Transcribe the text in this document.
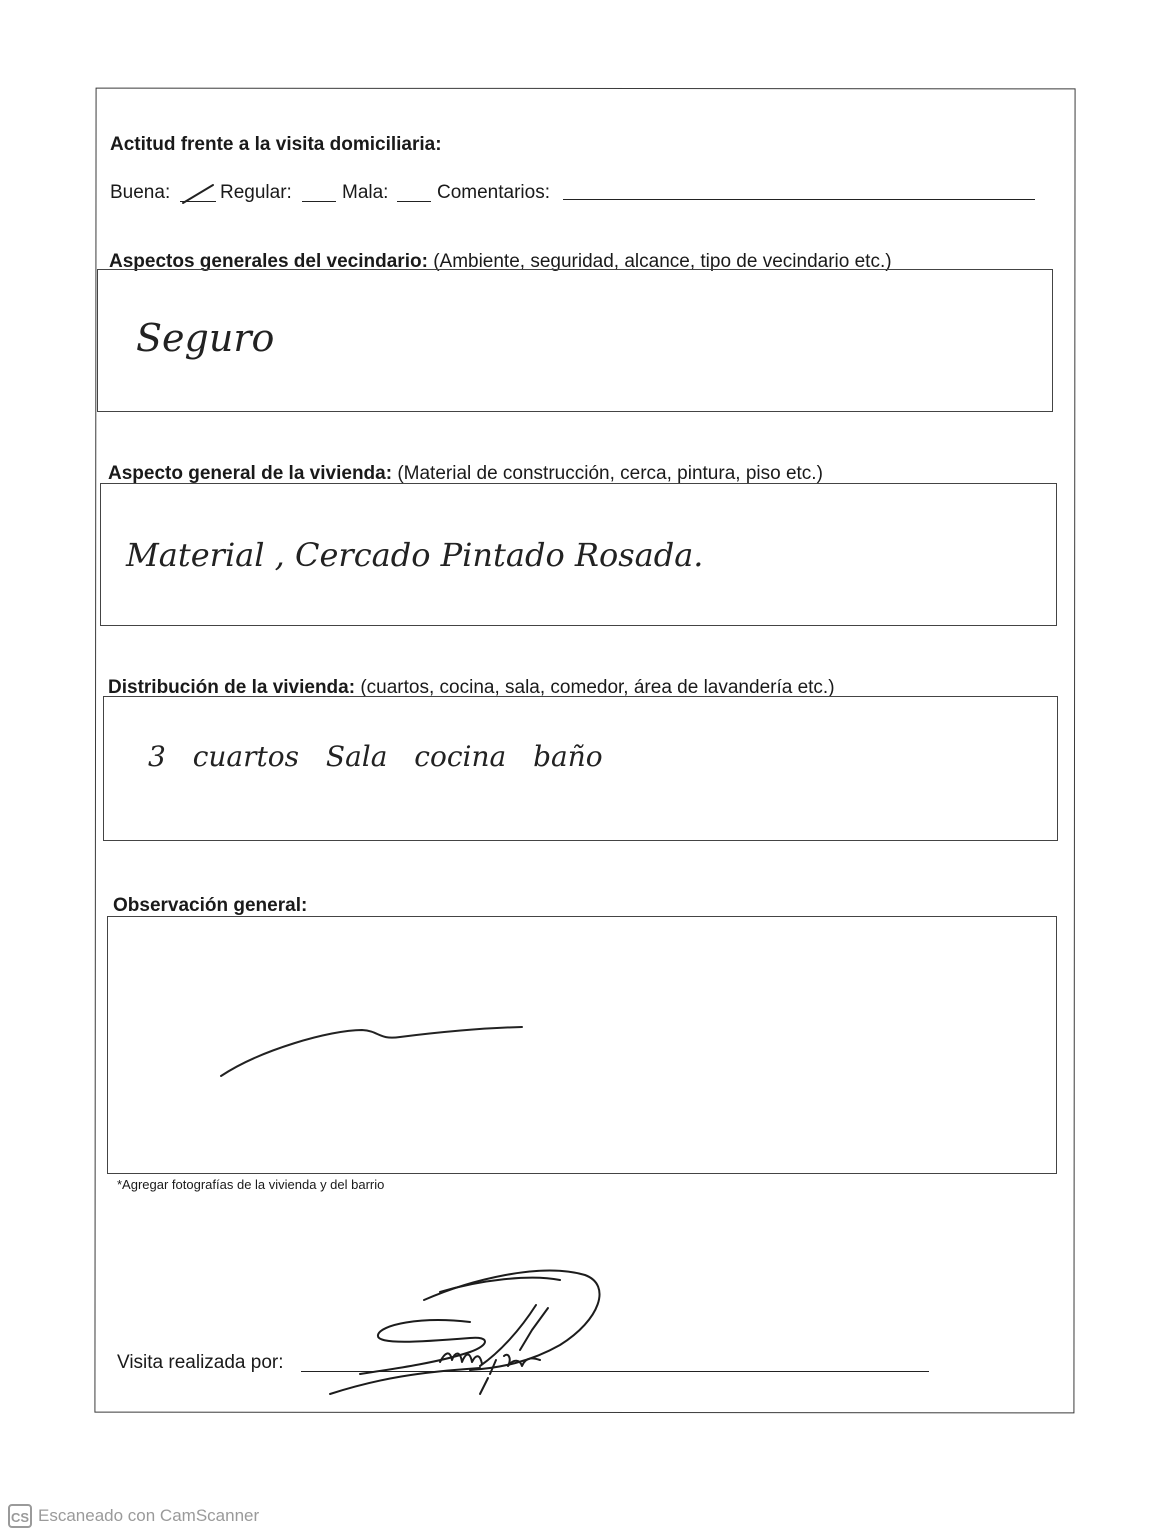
Actitud frente a la visita domiciliaria:
Buena:	Regular:	Mala:	Comentarios:
Aspectos generales del vecindario: (Ambiente, seguridad, alcance, tipo de vecindario etc.)
Seguro
Aspecto general de la vivienda: (Material de construcción, cerca, pintura, piso etc.)
Material , Cercado Pintado Rosada.
Distribución de la vivienda: (cuartos, cocina, sala, comedor, área de lavandería etc.)
3 cuartos Sala cocina baño
Observación general:
*Agregar fotografías de la vivienda y del barrio
Visita realizada por:
CS Escaneado con CamScanner
